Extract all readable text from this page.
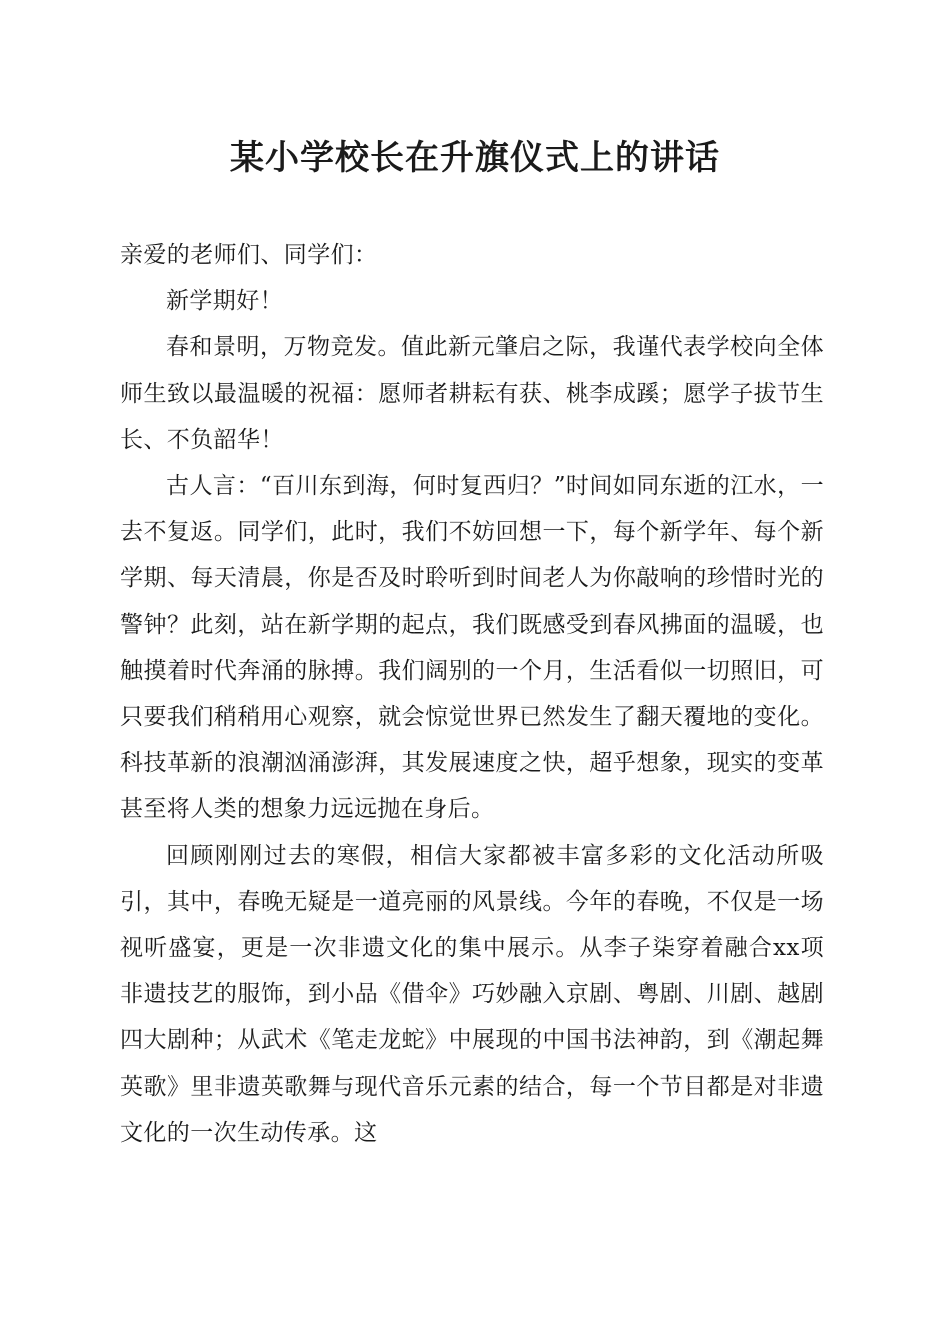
某小学校长在升旗仪式上的讲话

亲爱的老师们、同学们：

新学期好！

春和景明，万物竞发。值此新元肇启之际，我谨代表学校向全体师生致以最温暖的祝福：愿师者耕耘有获、桃李成蹊；愿学子拔节生长、不负韶华！

古人言：“百川东到海，何时复西归？”时间如同东逝的江水，一去不复返。同学们，此时，我们不妨回想一下，每个新学年、每个新学期、每天清晨，你是否及时聆听到时间老人为你敲响的珍惜时光的警钟？此刻，站在新学期的起点，我们既感受到春风拂面的温暖，也触摸着时代奔涌的脉搏。我们阔别的一个月，生活看似一切照旧，可只要我们稍稍用心观察，就会惊觉世界已然发生了翻天覆地的变化。科技革新的浪潮汹涌澎湃，其发展速度之快，超乎想象，现实的变革甚至将人类的想象力远远抛在身后。

回顾刚刚过去的寒假，相信大家都被丰富多彩的文化活动所吸引，其中，春晚无疑是一道亮丽的风景线。今年的春晚，不仅是一场视听盛宴，更是一次非遗文化的集中展示。从李子柒穿着融合xx项非遗技艺的服饰，到小品《借伞》巧妙融入京剧、粤剧、川剧、越剧四大剧种；从武术《笔走龙蛇》中展现的中国书法神韵，到《潮起舞英歌》里非遗英歌舞与现代音乐元素的结合，每一个节目都是对非遗文化的一次生动传承。这
